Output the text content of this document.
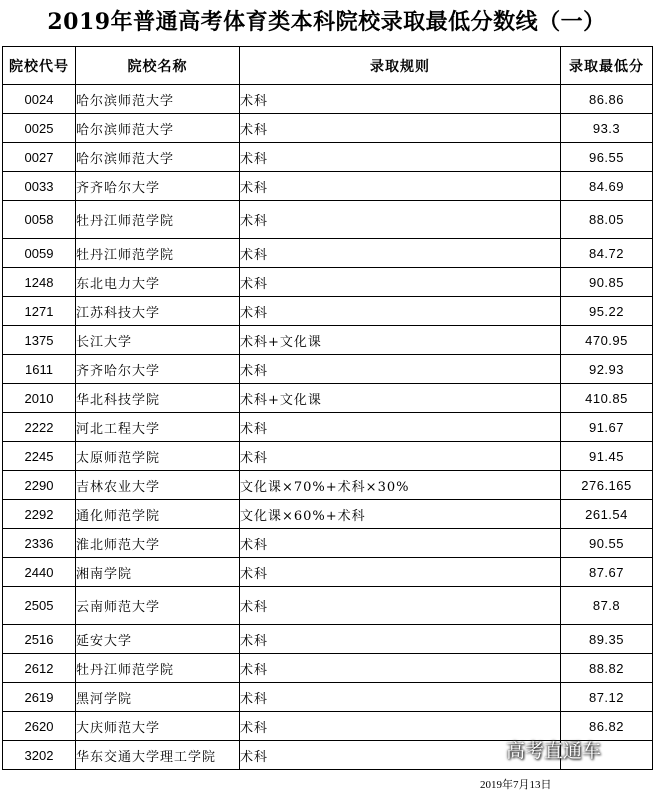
2019年普通高考体育类本科院校录取最低分数线（一）
院校代号	院校名称	录取规则	录取最低分
0024	哈尔滨师范大学	术科	86.86
0025	哈尔滨师范大学	术科	93.3
0027	哈尔滨师范大学	术科	96.55
0033	齐齐哈尔大学	术科	84.69
0058	牡丹江师范学院	术科	88.05
0059	牡丹江师范学院	术科	84.72
1248	东北电力大学	术科	90.85
1271	江苏科技大学	术科	95.22
1375	长江大学	术科+文化课	470.95
1611	齐齐哈尔大学	术科	92.93
2010	华北科技学院	术科+文化课	410.85
2222	河北工程大学	术科	91.67
2245	太原师范学院	术科	91.45
2290	吉林农业大学	文化课×70%+术科×30%	276.165
2292	通化师范学院	文化课×60%+术科	261.54
2336	淮北师范大学	术科	90.55
2440	湘南学院	术科	87.67
2505	云南师范大学	术科	87.8
2516	延安大学	术科	89.35
2612	牡丹江师范学院	术科	88.82
2619	黑河学院	术科	87.12
2620	大庆师范大学	术科	86.82
3202	华东交通大学理工学院	术科		高考直通车
2019年7月13日
